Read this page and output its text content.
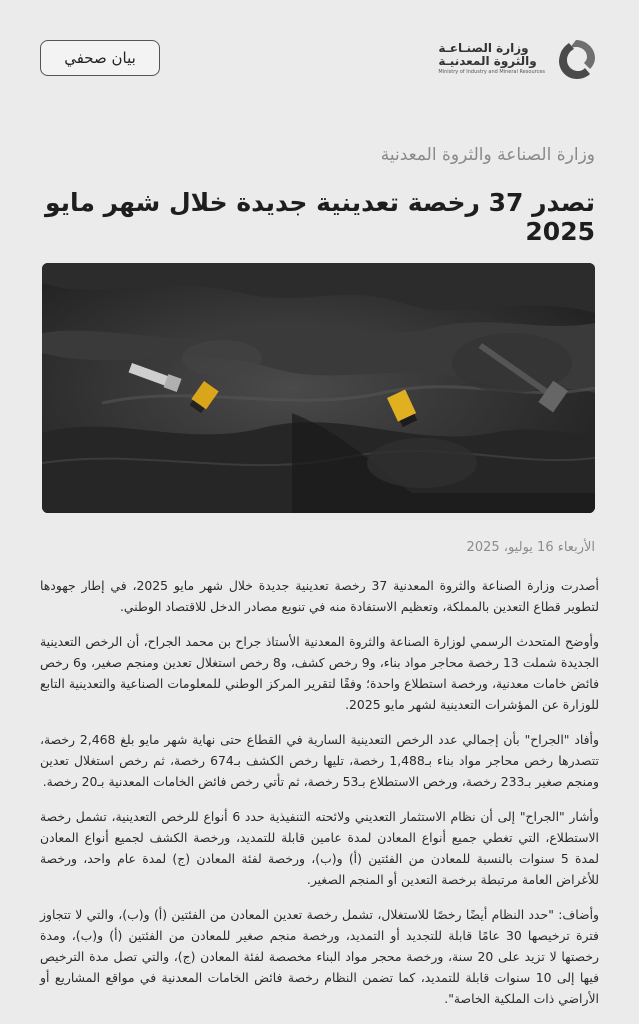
بيان صحفي
وزارة الصنـاعـة
والثروة المعدنيـة
Ministry of Industry and Mineral Resources
وزارة الصناعة والثروة المعدنية
تصدر 37 رخصة تعدينية جديدة خلال شهر مايو 2025
الأربعاء 16 يوليو، 2025

أصدرت وزارة الصناعة والثروة المعدنية 37 رخصة تعدينية جديدة خلال شهر مايو 2025، في إطار جهودها لتطوير قطاع التعدين بالمملكة، وتعظيم الاستفادة منه في تنويع مصادر الدخل للاقتصاد الوطني.

وأوضح المتحدث الرسمي لوزارة الصناعة والثروة المعدنية الأستاذ جراح بن محمد الجراح، أن الرخص التعدينية الجديدة شملت 13 رخصة محاجر مواد بناء، و9 رخص كشف، و8 رخص استغلال تعدين ومنجم صغير، و6 رخص فائض خامات معدنية، ورخصة استطلاع واحدة؛ وفقًا لتقرير المركز الوطني للمعلومات الصناعية والتعدينية التابع للوزارة عن المؤشرات التعدينية لشهر مايو 2025.

وأفاد "الجراح" بأن إجمالي عدد الرخص التعدينية السارية في القطاع حتى نهاية شهر مايو بلغ 2,468 رخصة، تتصدرها رخص محاجر مواد بناء بـ1,488 رخصة، تليها رخص الكشف بـ674 رخصة، ثم رخص استغلال تعدين ومنجم صغير بـ233 رخصة، ورخص الاستطلاع بـ53 رخصة، ثم تأتي رخص فائض الخامات المعدنية بـ20 رخصة.

وأشار "الجراح" إلى أن نظام الاستثمار التعديني ولائحته التنفيذية حدد 6 أنواع للرخص التعدينية، تشمل رخصة الاستطلاع، التي تغطي جميع أنواع المعادن لمدة عامين قابلة للتمديد، ورخصة الكشف لجميع أنواع المعادن لمدة 5 سنوات بالنسبة للمعادن من الفئتين (أ) و(ب)، ورخصة لفئة المعادن (ج) لمدة عام واحد، ورخصة للأغراض العامة مرتبطة برخصة التعدين أو المنجم الصغير.

وأضاف: "حدد النظام أيضًا رخصًا للاستغلال، تشمل رخصة تعدين المعادن من الفئتين (أ) و(ب)، والتي لا تتجاوز فترة ترخيصها 30 عامًا قابلة للتجديد أو التمديد، ورخصة منجم صغير للمعادن من الفئتين (أ) و(ب)، ومدة رخصتها لا تزيد على 20 سنة، ورخصة محجر مواد البناء مخصصة لفئة المعادن (ج)، والتي تصل مدة الترخيص فيها إلى 10 سنوات قابلة للتمديد، كما تضمن النظام رخصة فائض الخامات المعدنية في مواقع المشاريع أو الأراضي ذات الملكية الخاصة".
